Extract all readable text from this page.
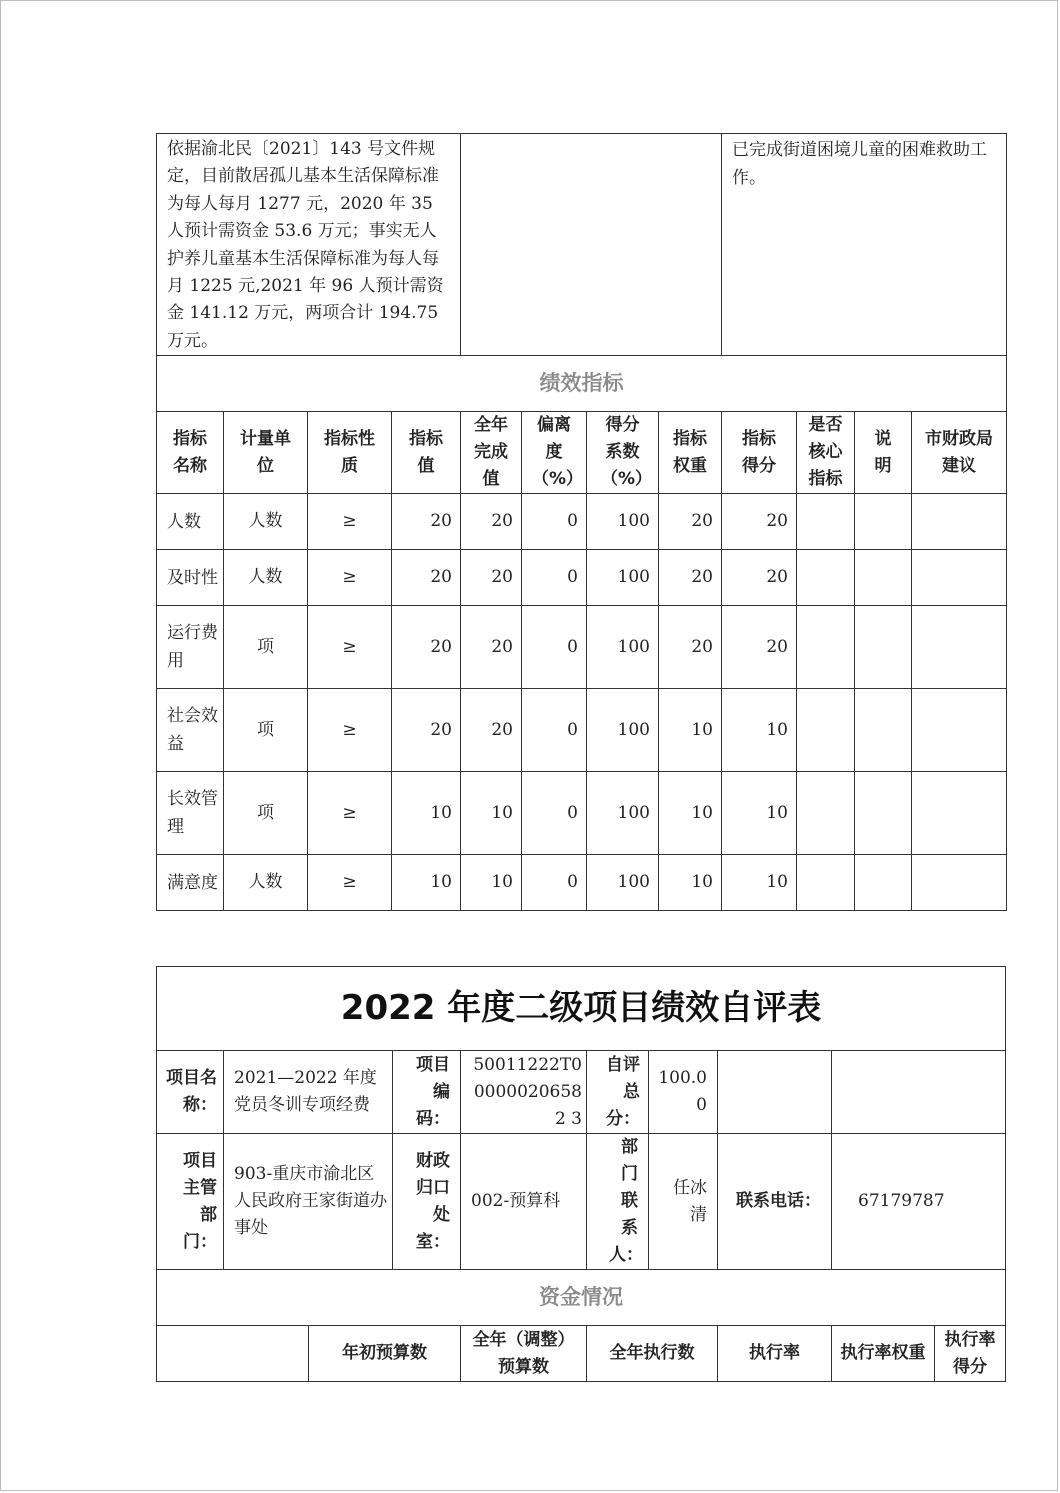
依据渝北民〔2021〕143 号文件规定，目前散居孤儿基本生活保障标准为每人每月 1277 元，2020 年 35 人预计需资金 53.6 万元；事实无人护养儿童基本生活保障标准为每人每月 1225 元,2021 年 96 人预计需资金 141.12 万元，两项合计 194.75 万元。								已完成街道困境儿童的困难救助工作。			

绩效指标											
指标名称	计量单位	指标性质	指标值	全年完成值	偏离度（%）	得分系数（%）	指标权重	指标得分	是否核心指标	说明	市财政局建议
人数	人数	≥	20	20	0	100	20	20			
及时性	人数	≥	20	20	0	100	20	20			
运行费用	项	≥	20	20	0	100	20	20			
社会效益	项	≥	20	20	0	100	10	10			
长效管理	项	≥	10	10	0	100	10	10			
满意度	人数	≥	10	10	0	100	10	10			
2022 年度二级项目绩效自评表									
项目名称：	2021—2022 年度党员冬训专项经费		项目编码：	50011222T000000206582 3	自评总分：	100.00			
项目主管部门：	903-重庆市渝北区人民政府王家街道办事处		财政归口处室：	002-预算科	部门联系人：	任冰清	联系电话：	67179787	
资金情况									
		年初预算数		全年（调整）预算数	全年执行数		执行率	执行率权重	执行率得分
